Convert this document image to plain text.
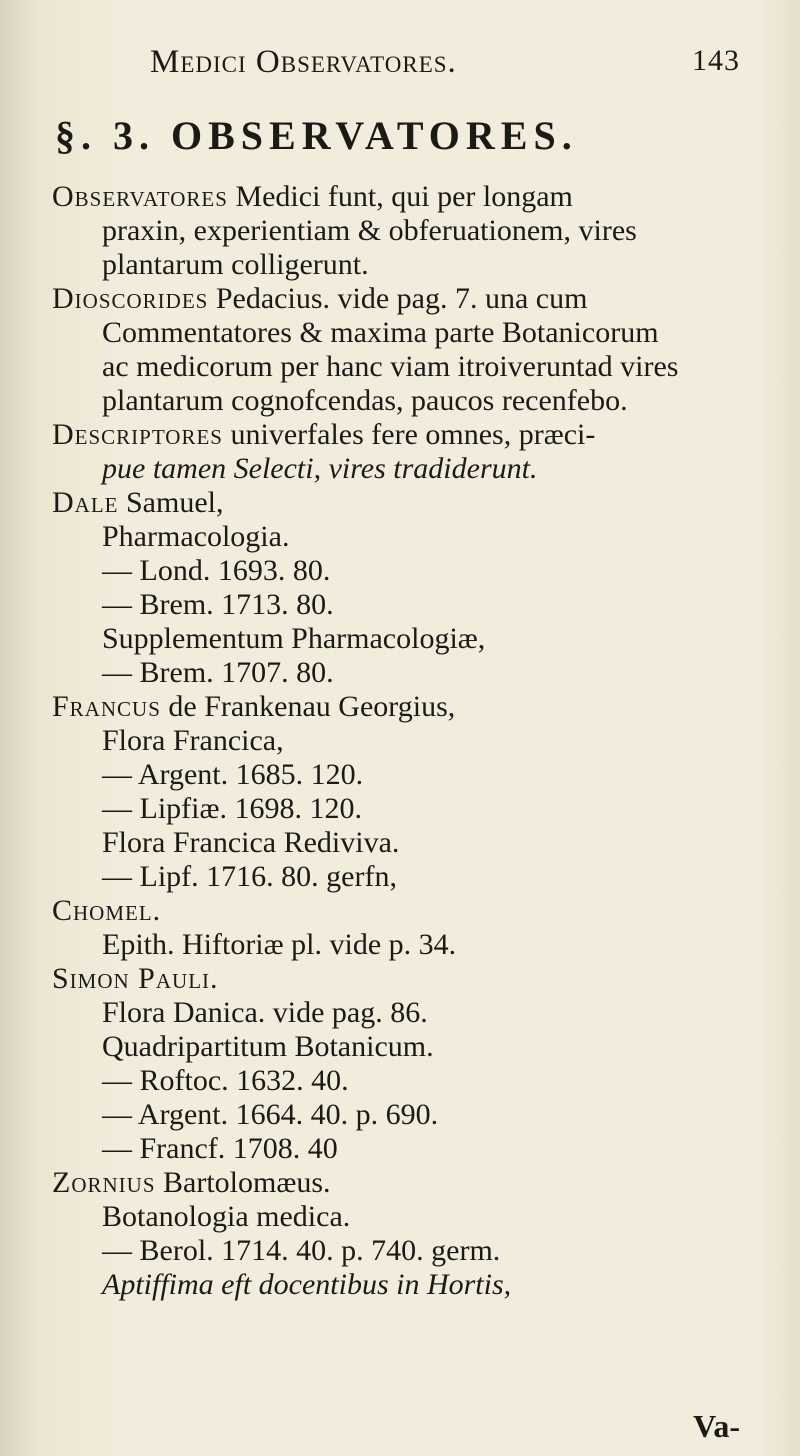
Medici Observatores.	143
§. 3. OBSERVATORES.

Observatores Medici funt, qui per longam

praxin, experientiam & obferuationem, vires

plantarum colligerunt.

Dioscorides Pedacius. vide pag. 7. una cum

Commentatores & maxima parte Botanicorum

ac medicorum per hanc viam itroiveruntad vires

plantarum cognofcendas, paucos recenfebo.

Descriptores univerfales fere omnes, præci-

pue tamen Selecti, vires tradiderunt.

Dale Samuel,

Pharmacologia.

— Lond. 1693. 80.

— Brem. 1713. 80.

Supplementum Pharmacologiæ,

— Brem. 1707. 80.

Francus de Frankenau Georgius,

Flora Francica,

— Argent. 1685. 120.

— Lipfiæ. 1698. 120.

Flora Francica Rediviva.

— Lipf. 1716. 80. gerfn,

Chomel.

Epith. Hiftoriæ pl. vide p. 34.

Simon Pauli.

Flora Danica. vide pag. 86.

Quadripartitum Botanicum.

— Roftoc. 1632. 40.

— Argent. 1664. 40. p. 690.

— Francf. 1708. 40

Zornius Bartolomæus.

Botanologia medica.

— Berol. 1714. 40. p. 740. germ.

Aptiffima eft docentibus in Hortis,

Va-
